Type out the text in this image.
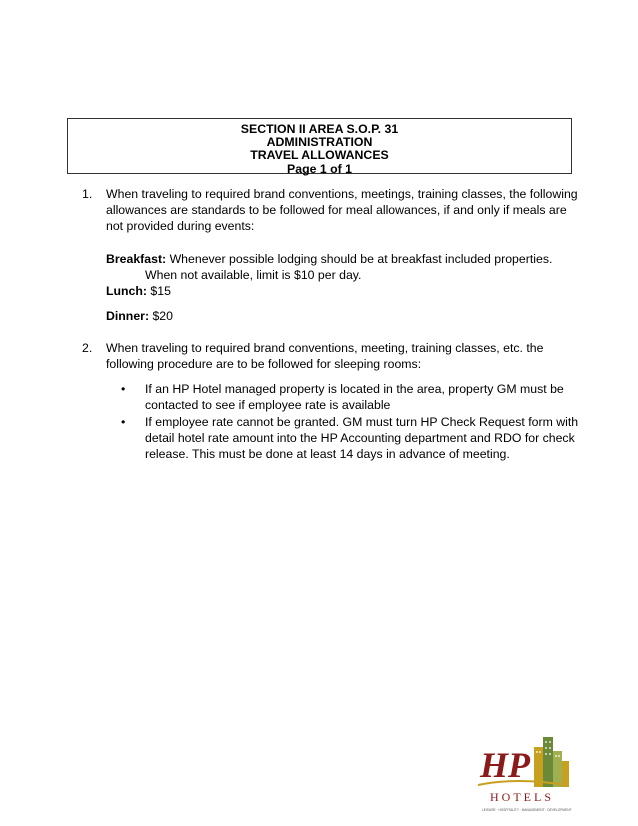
SECTION II AREA S.O.P. 31
ADMINISTRATION
TRAVEL ALLOWANCES
Page 1 of 1
1. When traveling to required brand conventions, meetings, training classes, the following allowances are standards to be followed for meal allowances, if and only if meals are not provided during events:
Breakfast: Whenever possible lodging should be at breakfast included properties.
When not available, limit is $10 per day.
Lunch: $15
Dinner: $20
2. When traveling to required brand conventions, meeting, training classes, etc. the following procedure are to be followed for sleeping rooms:
• If an HP Hotel managed property is located in the area, property GM must be contacted to see if employee rate is available
• If employee rate cannot be granted. GM must turn HP Check Request form with detail hotel rate amount into the HP Accounting department and RDO for check release. This must be done at least 14 days in advance of meeting.
HP
HOTELS
LEISURE · HOSPITALITY · MANAGEMENT · DEVELOPMENT
